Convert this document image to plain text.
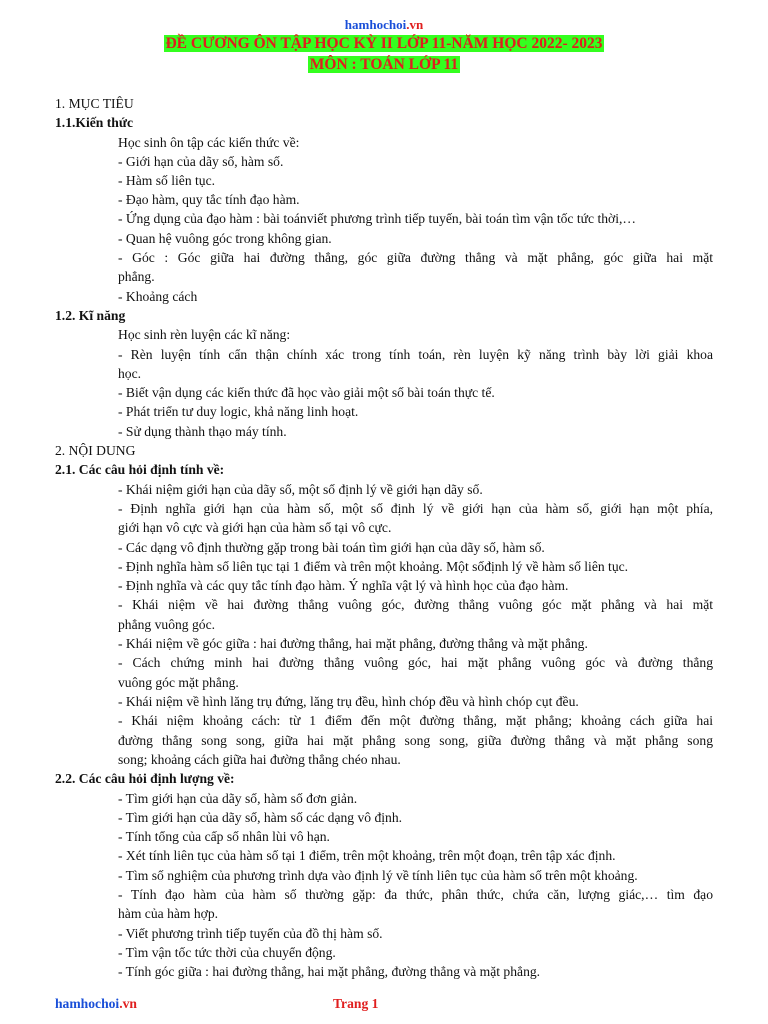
hamhochoi.vn
ĐỀ CƯƠNG ÔN TẬP HỌC KỲ II LỚP 11-NĂM HỌC 2022- 2023
MÔN : TOÁN LỚP 11
1. MỤC TIÊU
1.1.Kiến thức
Học sinh ôn tập các kiến thức về:
- Giới hạn của dãy số, hàm số.
- Hàm số liên tục.
- Đạo hàm, quy tắc tính đạo hàm.
- Ứng dụng của đạo hàm : bài toánviết phương trình tiếp tuyến, bài toán tìm vận tốc tức thời,…
- Quan hệ vuông góc trong không gian.
- Góc : Góc giữa hai đường thẳng, góc giữa đường thẳng và mặt phẳng, góc giữa hai mặt
phẳng.
- Khoảng cách
1.2. Kĩ năng
Học sinh rèn luyện các kĩ năng:
- Rèn luyện tính cẩn thận chính xác trong tính toán, rèn luyện kỹ năng trình bày lời giải khoa
học.
- Biết vận dụng các kiến thức đã học vào giải một số bài toán thực tế.
- Phát triển tư duy logic, khả năng linh hoạt.
- Sử dụng thành thạo máy tính.
2. NỘI DUNG
2.1. Các câu hỏi định tính về:
- Khái niệm giới hạn của dãy số, một số định lý về giới hạn dãy số.
- Định nghĩa giới hạn của hàm số, một số định lý về giới hạn của hàm số, giới hạn một phía,
giới hạn vô cực và giới hạn của hàm số tại vô cực.
- Các dạng vô định thường gặp trong bài toán tìm giới hạn của dãy số, hàm số.
- Định nghĩa hàm số liên tục tại 1 điểm và trên một khoảng. Một sốđịnh lý về hàm số liên tục.
- Định nghĩa và các quy tắc tính đạo hàm. Ý nghĩa vật lý và hình học của đạo hàm.
- Khái niệm về hai đường thẳng vuông góc, đường thẳng vuông góc mặt phẳng và hai mặt
phẳng vuông góc.
- Khái niệm về góc giữa : hai đường thẳng, hai mặt phẳng, đường thẳng và mặt phẳng.
- Cách chứng minh hai đường thẳng vuông góc, hai mặt phẳng vuông góc và đường thẳng
vuông góc mặt phẳng.
- Khái niệm về hình lăng trụ đứng, lăng trụ đều, hình chóp đều và hình chóp cụt đều.
- Khái niệm khoảng cách: từ 1 điểm đến một đường thẳng, mặt phẳng; khoảng cách giữa hai
đường thẳng song song, giữa hai mặt phẳng song song, giữa đường thẳng và mặt phẳng song
song; khoảng cách giữa hai đường thẳng chéo nhau.
2.2. Các câu hỏi định lượng về:
- Tìm giới hạn của dãy số, hàm số đơn giản.
- Tìm giới hạn của dãy số, hàm số các dạng vô định.
- Tính tổng của cấp số nhân lùi vô hạn.
- Xét tính liên tục của hàm số tại 1 điểm, trên một khoảng, trên một đoạn, trên tập xác định.
- Tìm số nghiệm của phương trình dựa vào định lý về tính liên tục của hàm số trên một khoảng.
- Tính đạo hàm của hàm số thường gặp: đa thức, phân thức, chứa căn, lượng giác,… tìm đạo
hàm của hàm hợp.
- Viết phương trình tiếp tuyến của đồ thị hàm số.
- Tìm vận tốc tức thời của chuyển động.
- Tính góc giữa : hai đường thẳng, hai mặt phẳng, đường thẳng và mặt phẳng.
hamhochoi.vn	Trang 1
